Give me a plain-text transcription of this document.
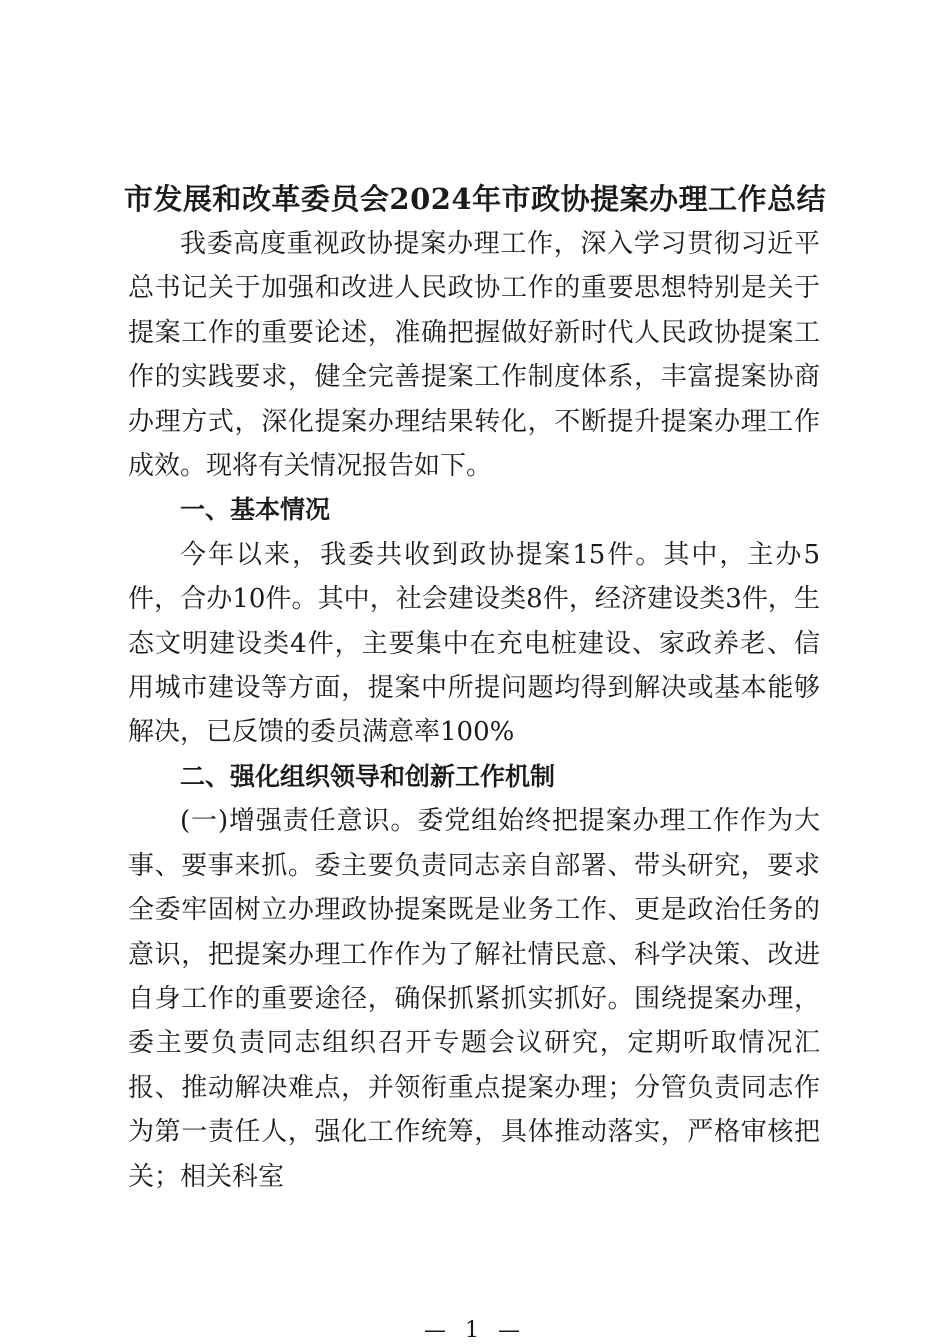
市发展和改革委员会2024年市政协提案办理工作总结

我委高度重视政协提案办理工作，深入学习贯彻习近平总书记关于加强和改进人民政协工作的重要思想特别是关于提案工作的重要论述，准确把握做好新时代人民政协提案工作的实践要求，健全完善提案工作制度体系，丰富提案协商办理方式，深化提案办理结果转化，不断提升提案办理工作成效。现将有关情况报告如下。

一、基本情况

今年以来，我委共收到政协提案15件。其中，主办5件，合办10件。其中，社会建设类8件，经济建设类3件，生态文明建设类4件，主要集中在充电桩建设、家政养老、信用城市建设等方面，提案中所提问题均得到解决或基本能够解决，已反馈的委员满意率100%

二、强化组织领导和创新工作机制

(一)增强责任意识。委党组始终把提案办理工作作为大事、要事来抓。委主要负责同志亲自部署、带头研究，要求全委牢固树立办理政协提案既是业务工作、更是政治任务的意识，把提案办理工作作为了解社情民意、科学决策、改进自身工作的重要途径，确保抓紧抓实抓好。围绕提案办理，委主要负责同志组织召开专题会议研究，定期听取情况汇报、推动解决难点，并领衔重点提案办理；分管负责同志作为第一责任人，强化工作统筹，具体推动落实，严格审核把关；相关科室

— 1 —
